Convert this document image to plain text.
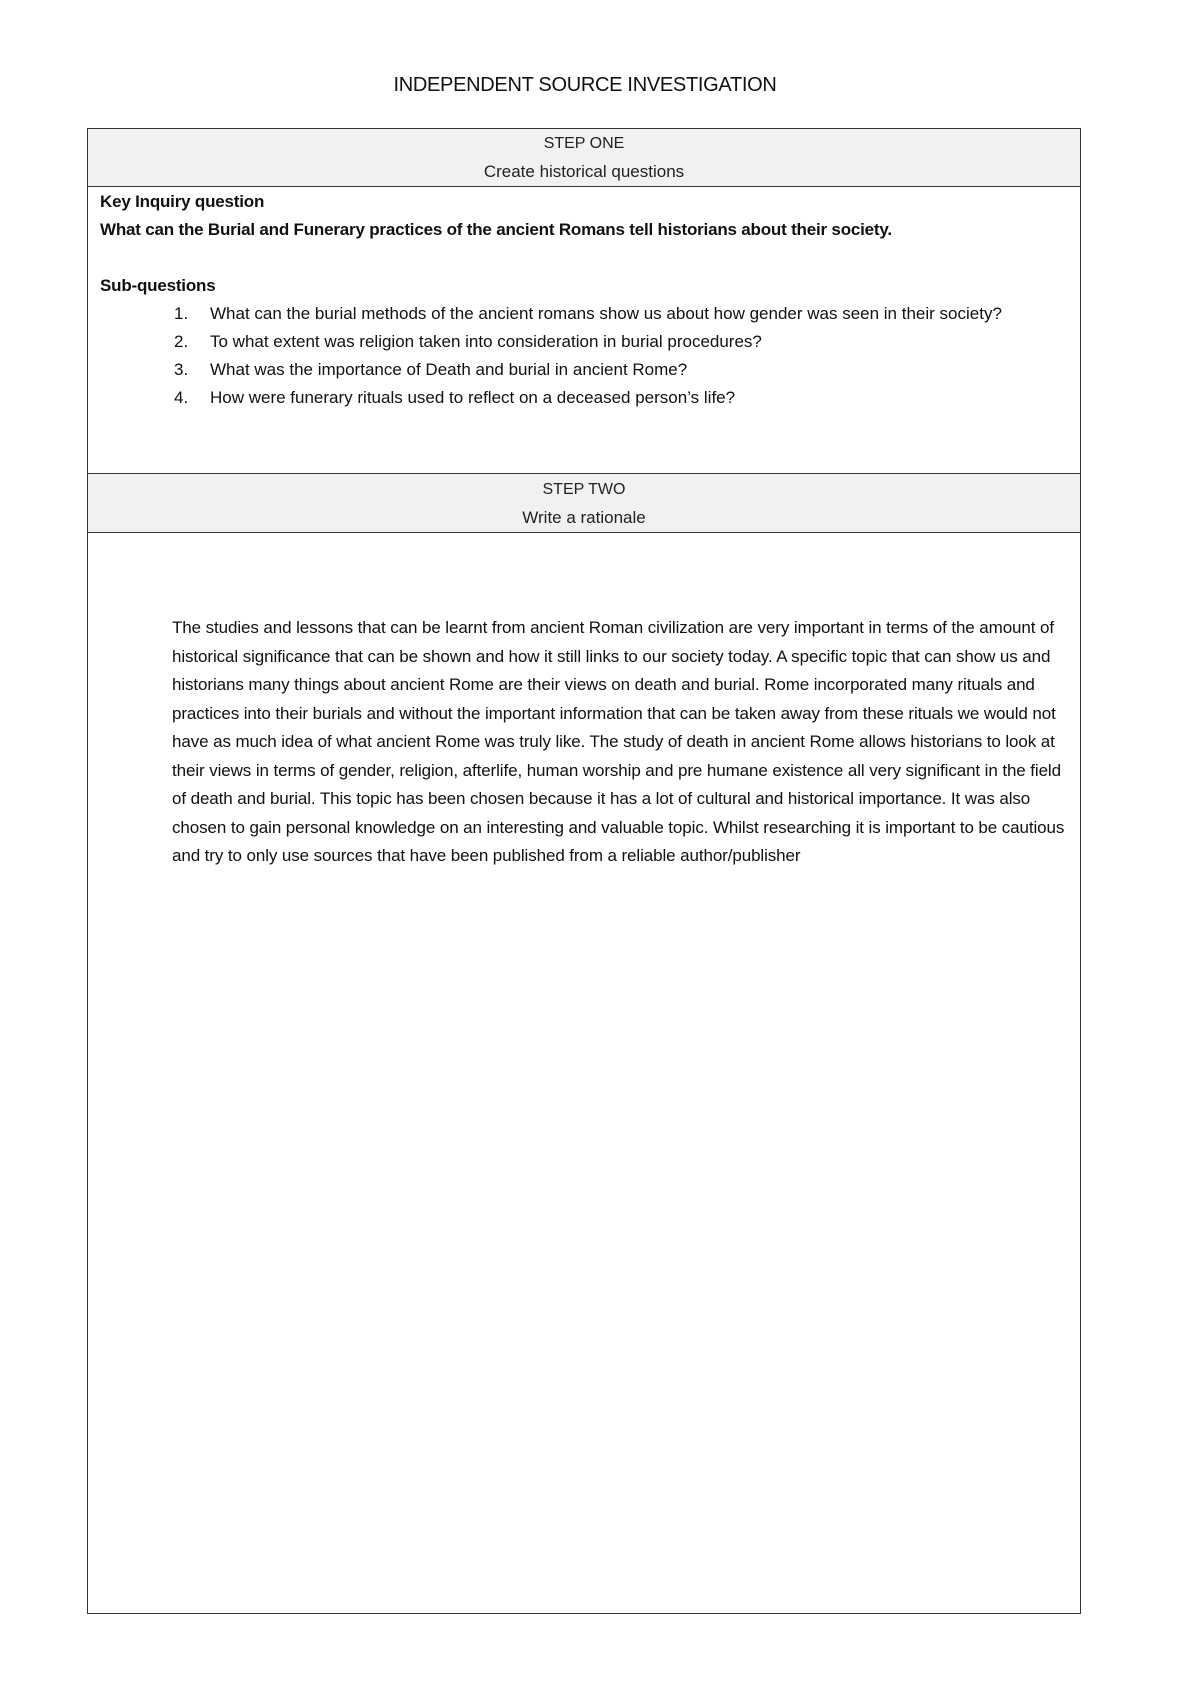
INDEPENDENT SOURCE INVESTIGATION
STEP ONE
Create historical questions

Key Inquiry question

What can the Burial and Funerary practices of the ancient Romans tell historians about their society.

Sub-questions

1. What can the burial methods of the ancient romans show us about how gender was seen in their society?
2. To what extent was religion taken into consideration in burial procedures?
3. What was the importance of Death and burial in ancient Rome?
4. How were funerary rituals used to reflect on a deceased person’s life?
STEP TWO
Write a rationale

The studies and lessons that can be learnt from ancient Roman civilization are very important in terms of the amount of historical significance that can be shown and how it still links to our society today. A specific topic that can show us and historians many things about ancient Rome are their views on death and burial. Rome incorporated many rituals and practices into their burials and without the important information that can be taken away from these rituals we would not have as much idea of what ancient Rome was truly like. The study of death in ancient Rome allows historians to look at their views in terms of gender, religion, afterlife, human worship and pre humane existence all very significant in the field of death and burial. This topic has been chosen because it has a lot of cultural and historical importance. It was also chosen to gain personal knowledge on an interesting and valuable topic. Whilst researching it is important to be cautious and try to only use sources that have been published from a reliable author/publisher
